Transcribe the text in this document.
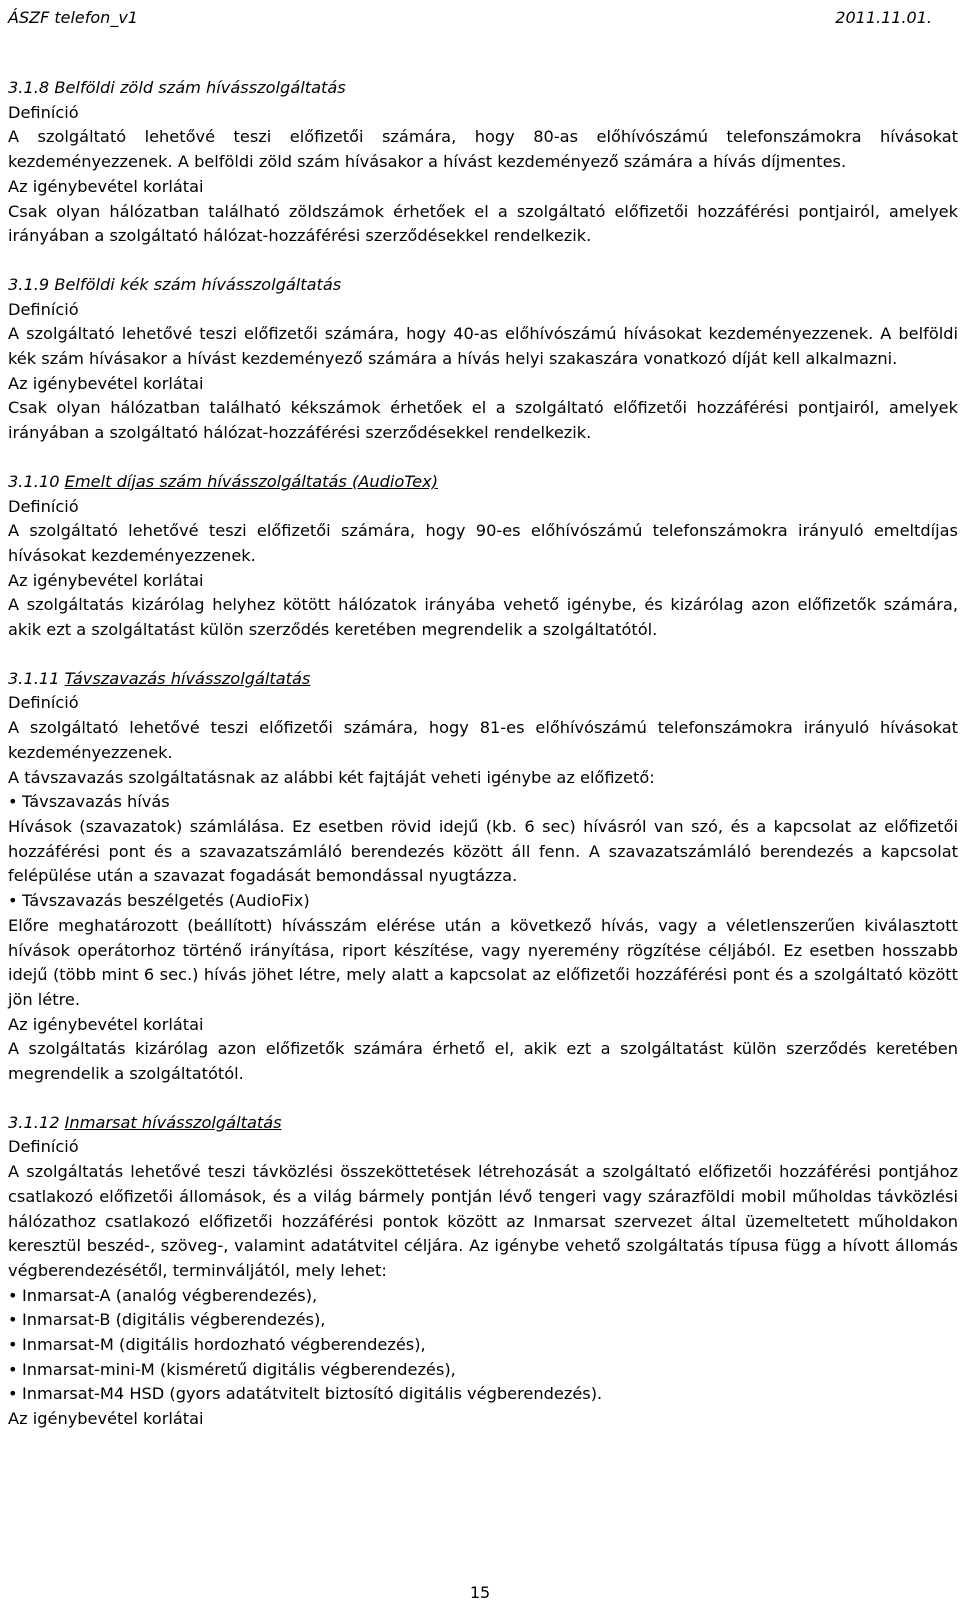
ÁSZF telefon_v1	2011.11.01.
3.1.8 Belföldi zöld szám hívásszolgáltatás
Definíció

A szolgáltató lehetővé teszi előfizetői számára, hogy 80-as előhívószámú telefonszámokra hívásokat kezdeményezzenek. A belföldi zöld szám hívásakor a hívást kezdeményező számára a hívás díjmentes.

Az igénybevétel korlátai

Csak olyan hálózatban található zöldszámok érhetőek el a szolgáltató előfizetői hozzáférési pontjairól, amelyek irányában a szolgáltató hálózat-hozzáférési szerződésekkel rendelkezik.

3.1.9 Belföldi kék szám hívásszolgáltatás
Definíció

A szolgáltató lehetővé teszi előfizetői számára, hogy 40-as előhívószámú hívásokat kezdeményezzenek. A belföldi kék szám hívásakor a hívást kezdeményező számára a hívás helyi szakaszára vonatkozó díját kell alkalmazni.

Az igénybevétel korlátai

Csak olyan hálózatban található kékszámok érhetőek el a szolgáltató előfizetői hozzáférési pontjairól, amelyek irányában a szolgáltató hálózat-hozzáférési szerződésekkel rendelkezik.

3.1.10 Emelt díjas szám hívásszolgáltatás (AudioTex)
Definíció

A szolgáltató lehetővé teszi előfizetői számára, hogy 90-es előhívószámú telefonszámokra irányuló emeltdíjas hívásokat kezdeményezzenek.

Az igénybevétel korlátai

A szolgáltatás kizárólag helyhez kötött hálózatok irányába vehető igénybe, és kizárólag azon előfizetők számára, akik ezt a szolgáltatást külön szerződés keretében megrendelik a szolgáltatótól.

3.1.11 Távszavazás hívásszolgáltatás
Definíció

A szolgáltató lehetővé teszi előfizetői számára, hogy 81-es előhívószámú telefonszámokra irányuló hívásokat kezdeményezzenek.

A távszavazás szolgáltatásnak az alábbi két fajtáját veheti igénybe az előfizető:

• Távszavazás hívás

Hívások (szavazatok) számlálása. Ez esetben rövid idejű (kb. 6 sec) hívásról van szó, és a kapcsolat az előfizetői hozzáférési pont és a szavazatszámláló berendezés között áll fenn. A szavazatszámláló berendezés a kapcsolat felépülése után a szavazat fogadását bemondással nyugtázza.

• Távszavazás beszélgetés (AudioFix)

Előre meghatározott (beállított) hívásszám elérése után a következő hívás, vagy a véletlenszerűen kiválasztott hívások operátorhoz történő irányítása, riport készítése, vagy nyeremény rögzítése céljából. Ez esetben hosszabb idejű (több mint 6 sec.) hívás jöhet létre, mely alatt a kapcsolat az előfizetői hozzáférési pont és a szolgáltató között jön létre.

Az igénybevétel korlátai

A szolgáltatás kizárólag azon előfizetők számára érhető el, akik ezt a szolgáltatást külön szerződés keretében megrendelik a szolgáltatótól.

3.1.12 Inmarsat hívásszolgáltatás
Definíció

A szolgáltatás lehetővé teszi távközlési összeköttetések létrehozását a szolgáltató előfizetői hozzáférési pontjához csatlakozó előfizetői állomások, és a világ bármely pontján lévő tengeri vagy szárazföldi mobil műholdas távközlési hálózathoz csatlakozó előfizetői hozzáférési pontok között az Inmarsat szervezet által üzemeltetett műholdakon keresztül beszéd-, szöveg-, valamint adatátvitel céljára. Az igénybe vehető szolgáltatás típusa függ a hívott állomás végberendezésétől, terminváljától, mely lehet:

• Inmarsat-A (analóg végberendezés),
• Inmarsat-B (digitális végberendezés),
• Inmarsat-M (digitális hordozható végberendezés),
• Inmarsat-mini-M (kisméretű digitális végberendezés),
• Inmarsat-M4 HSD (gyors adatátvitelt biztosító digitális végberendezés).
Az igénybevétel korlátai
15
